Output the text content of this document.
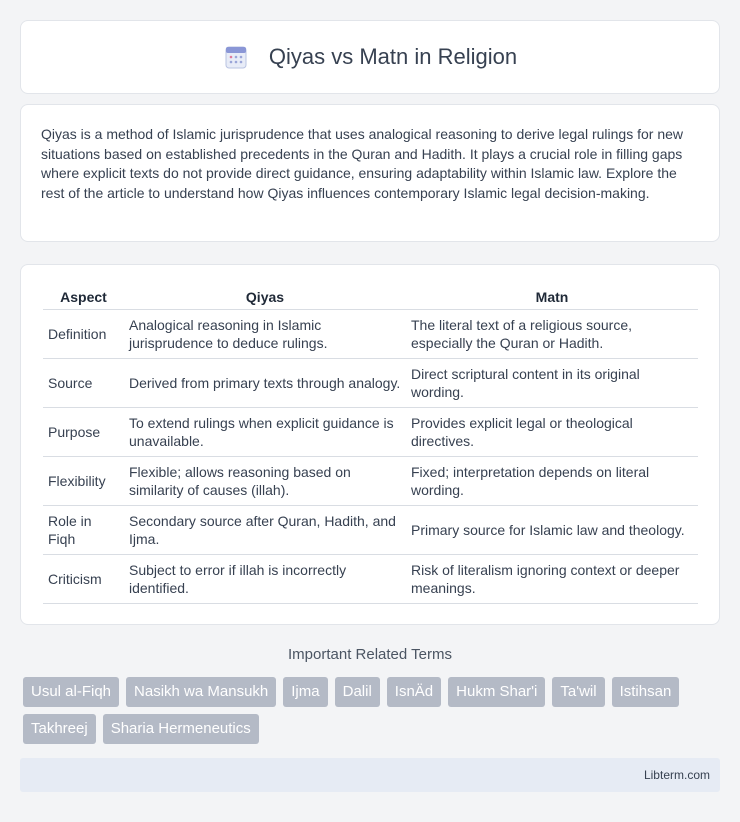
Qiyas vs Matn in Religion

Qiyas is a method of Islamic jurisprudence that uses analogical reasoning to derive legal rulings for new situations based on established precedents in the Quran and Hadith. It plays a crucial role in filling gaps where explicit texts do not provide direct guidance, ensuring adaptability within Islamic law. Explore the rest of the article to understand how Qiyas influences contemporary Islamic legal decision-making.

Aspect	Qiyas	Matn
Definition	Analogical reasoning in Islamic jurisprudence to deduce rulings.	The literal text of a religious source, especially the Quran or Hadith.
Source	Derived from primary texts through analogy.	Direct scriptural content in its original wording.
Purpose	To extend rulings when explicit guidance is unavailable.	Provides explicit legal or theological directives.
Flexibility	Flexible; allows reasoning based on similarity of causes (illah).	Fixed; interpretation depends on literal wording.
Role in Fiqh	Secondary source after Quran, Hadith, and Ijma.	Primary source for Islamic law and theology.
Criticism	Subject to error if illah is incorrectly identified.	Risk of literalism ignoring context or deeper meanings.
Important Related Terms
Usul al-Fiqh	Nasikh wa Mansukh	Ijma	Dalil	IsnÄd	Hukm Shar'i	Ta'wil	Istihsan
Takhreej	Sharia Hermeneutics
Libterm.com
